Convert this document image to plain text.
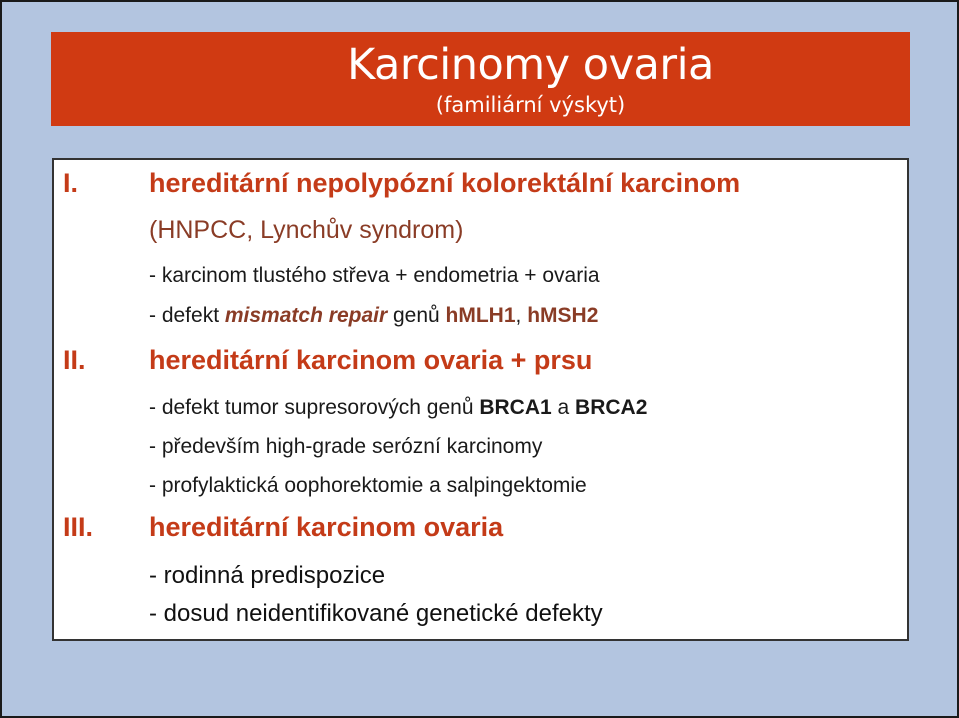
Karcinomy ovaria
(familiární výskyt)
I.	hereditární nepolypózní kolorektální karcinom
(HNPCC, Lynchův syndrom)
- karcinom tlustého střeva + endometria + ovaria
- defekt mismatch repair genů hMLH1, hMSH2
II. hereditární karcinom ovaria + prsu
- defekt tumor supresorových genů BRCA1 a BRCA2
- především high-grade serózní karcinomy
- profylaktická oophorektomie a salpingektomie
III. hereditární karcinom ovaria
- rodinná predispozice
- dosud neidentifikované genetické defekty
